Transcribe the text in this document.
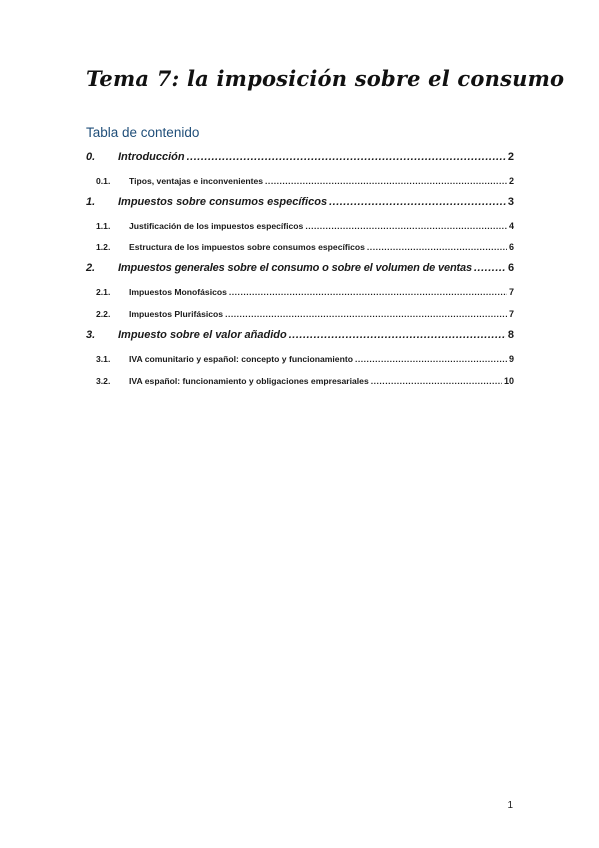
Tema 7: la imposición sobre el consumo
Tabla de contenido
0.	Introducción .....	2
0.1.	Tipos, ventajas e inconvenientes .....	2
1.	Impuestos sobre consumos específicos .....	3
1.1.	Justificación de los impuestos específicos .....	4
1.2.	Estructura de los impuestos sobre consumos específicos .....	6
2.	Impuestos generales sobre el consumo o sobre el volumen de ventas .....	6
2.1.	Impuestos Monofásicos .....	7
2.2.	Impuestos Plurifásicos .....	7
3.	Impuesto sobre el valor añadido .....	8
3.1.	IVA comunitario y español: concepto y funcionamiento .....	9
3.2.	IVA español: funcionamiento y obligaciones empresariales .....	10
1
